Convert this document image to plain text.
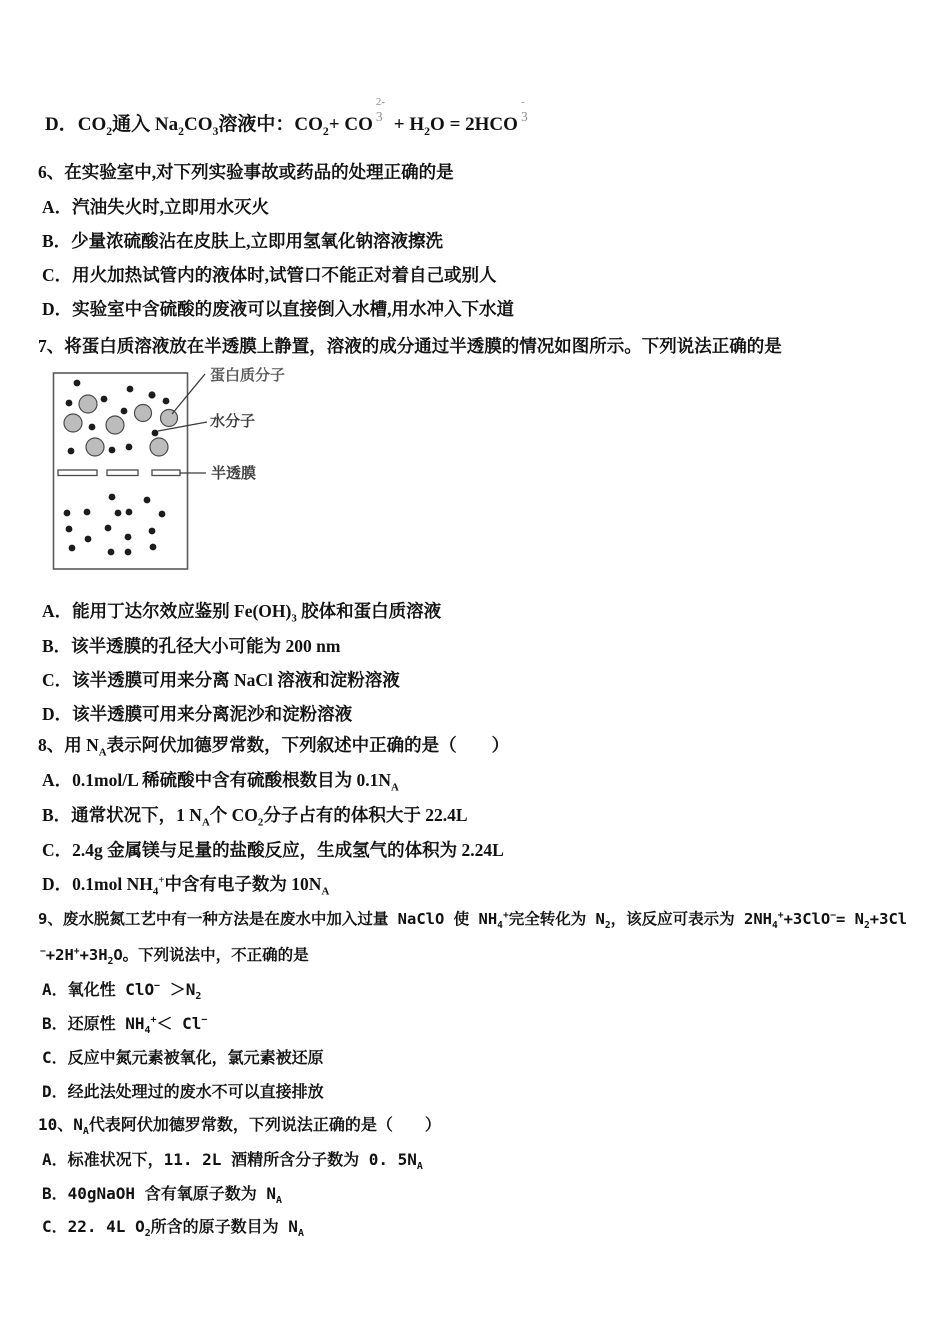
D．$CO_2$通入 $Na_2CO_3$溶液中：$CO_2+$ CO
2-
$3 + H_2O = 2HCO$
-
3
6、在实验室中,对下列实验事故或药品的处理正确的是
A．汽油失火时,立即用水灭火
B．少量浓硫酸沾在皮肤上,立即用氢氧化钠溶液擦洗
C．用火加热试管内的液体时,试管口不能正对着自己或别人
D．实验室中含硫酸的废液可以直接倒入水槽,用水冲入下水道
7、将蛋白质溶液放在半透膜上静置，溶液的成分通过半透膜的情况如图所示。下列说法正确的是
蛋白质分子
水分子
半透膜
A．能用丁达尔效应鉴别 $Fe(OH)_3$ 胶体和蛋白质溶液
B．该半透膜的孔径大小可能为 200 nm
C．该半透膜可用来分离 NaCl 溶液和淀粉溶液
D．该半透膜可用来分离泥沙和淀粉溶液
8、用 $N_A$表示阿伏加德罗常数，下列叙述中正确的是（　　）
A．0.1mol/L 稀硫酸中含有硫酸根数目为 $0.1N_A$
B．通常状况下，1 $N_A$个 $CO_2$分子占有的体积大于 22.4L
C．2.4g 金属镁与足量的盐酸反应，生成氢气的体积为 2.24L
D．0.1mol $NH_4^+$中含有电子数为 $10N_A$
9、废水脱氮工艺中有一种方法是在废水中加入过量 NaClO 使 $NH_4^+$完全转化为 $N_2$，该反应可表示为 $2NH_4^++3ClO^-= N_2+3Cl$
$^-+2H^++3H_2O$。下列说法中，不正确的是
A．氧化性 $ClO^- >N_2$
B．还原性 $NH_4^+< Cl^-$
C．反应中氮元素被氧化，氯元素被还原
D．经此法处理过的废水不可以直接排放
10、$N_A$代表阿伏加德罗常数，下列说法正确的是（　　）
A．标准状况下，11. 2L 酒精所含分子数为 0. $5N_A$
B．40gNaOH 含有氧原子数为 $N_A$
C．22. 4L $O_2$所含的原子数目为 $N_A$
